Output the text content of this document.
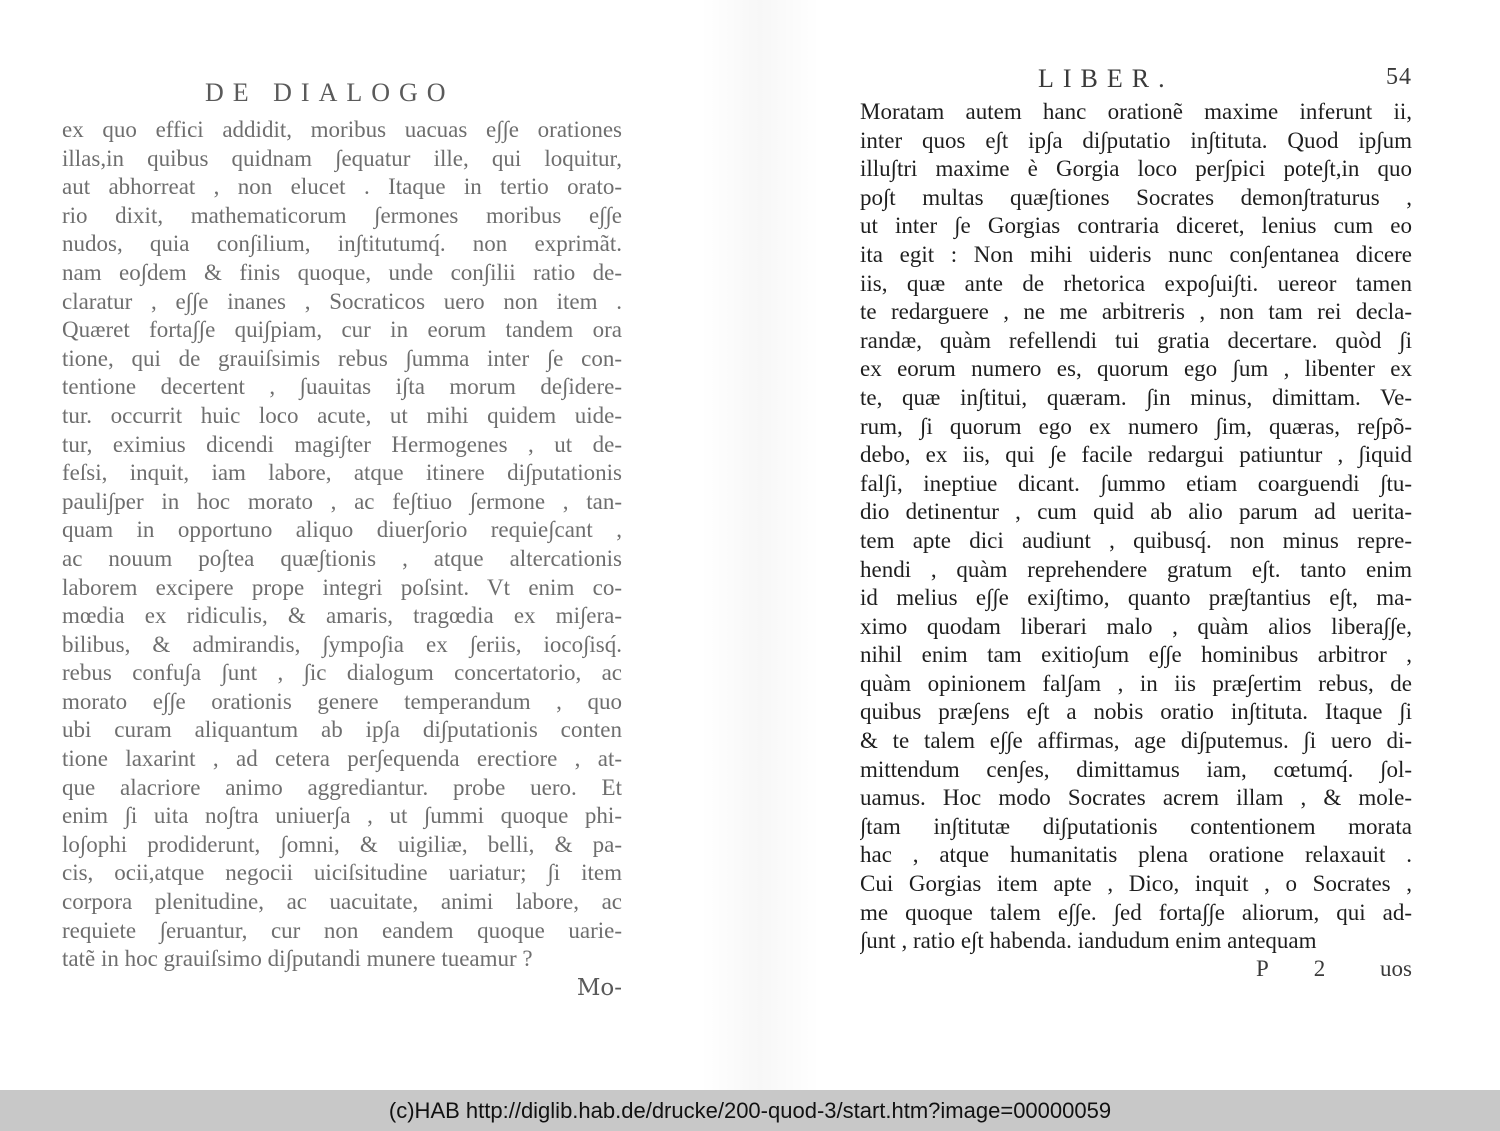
DE DIALOGO
ex quo effici addidit, moribus uacuas e∫∫e orationes
illas,in quibus quidnam ∫equatur ille, qui loquitur,
aut abhorreat , non elucet . Itaque in tertio orato-
rio dixit, mathematicorum ∫ermones moribus e∫∫e
nudos, quia con∫ilium, in∫titutumq́. non exprimãt.
nam eo∫dem & finis quoque, unde con∫ilii ratio de-
claratur , e∫∫e inanes , Socraticos uero non item .
Quæret forta∫∫e qui∫piam, cur in eorum tandem ora
tione, qui de grauiſsimis rebus ∫umma inter ∫e con-
tentione decertent , ∫uauitas i∫ta morum de∫idere-
tur. occurrit huic loco acute, ut mihi quidem uide-
tur, eximius dicendi magi∫ter Hermogenes , ut de-
feſsi, inquit, iam labore, atque itinere di∫putationis
pauli∫per in hoc morato , ac fe∫tiuo ∫ermone , tan-
quam in opportuno aliquo diuer∫orio requie∫cant ,
ac nouum po∫tea quæ∫tionis , atque altercationis
laborem excipere prope integri poſsint. Vt enim co-
mœdia ex ridiculis, & amaris, tragœdia ex mi∫era-
bilibus, & admirandis, ∫ympo∫ia ex ∫eriis, ioco∫isq́.
rebus confu∫a ∫unt , ∫ic dialogum concertatorio, ac
morato e∫∫e orationis genere temperandum , quo
ubi curam aliquantum ab ip∫a di∫putationis conten
tione laxarint , ad cetera per∫equenda erectiore , at-
que alacriore animo aggrediantur. probe uero. Et
enim ∫i uita no∫tra uniuer∫a , ut ∫ummi quoque phi-
lo∫ophi prodiderunt, ∫omni, & uigiliæ, belli, & pa-
cis, ocii,atque negocii uiciſsitudine uariatur; ∫i item
corpora plenitudine, ac uacuitate, animi labore, ac
requiete ∫eruantur, cur non eandem quoque uarie-
tatẽ in hoc grauiſsimo di∫putandi munere tueamur ?
Mo-
LIBER.	54
Moratam autem hanc orationẽ maxime inferunt ii,
inter quos e∫t ip∫a di∫putatio in∫tituta. Quod ip∫um
illu∫tri maxime è Gorgia loco per∫pici pote∫t,in quo
po∫t multas quæ∫tiones Socrates demon∫traturus ,
ut inter ∫e Gorgias contraria diceret, lenius cum eo
ita egit : Non mihi uideris nunc con∫entanea dicere
iis, quæ ante de rhetorica expo∫ui∫ti. uereor tamen
te redarguere , ne me arbitreris , non tam rei decla-
randæ, quàm refellendi tui gratia decertare. quòd ∫i
ex eorum numero es, quorum ego ∫um , libenter ex
te, quæ in∫titui, quæram. ∫in minus, dimittam. Ve-
rum, ∫i quorum ego ex numero ∫im, quæras, re∫põ-
debo, ex iis, qui ∫e facile redargui patiuntur , ∫iquid
fal∫i, ineptiue dicant. ∫ummo etiam coarguendi ∫tu-
dio detinentur , cum quid ab alio parum ad uerita-
tem apte dici audiunt , quibusq́. non minus repre-
hendi , quàm reprehendere gratum e∫t. tanto enim
id melius e∫∫e exi∫timo, quanto præ∫tantius e∫t, ma-
ximo quodam liberari malo , quàm alios libera∫∫e,
nihil enim tam exitio∫um e∫∫e hominibus arbitror ,
quàm opinionem fal∫am , in iis præ∫ertim rebus, de
quibus præ∫ens e∫t a nobis oratio in∫tituta. Itaque ∫i
& te talem e∫∫e affirmas, age di∫putemus. ∫i uero di-
mittendum cen∫es, dimittamus iam, cœtumq́. ∫ol-
uamus. Hoc modo Socrates acrem illam , & mole-
∫tam in∫titutæ di∫putationis contentionem morata
hac , atque humanitatis plena oratione relaxauit .
Cui Gorgias item apte , Dico, inquit , o Socrates ,
me quoque talem e∫∫e. ∫ed forta∫∫e aliorum, qui ad-
∫unt , ratio e∫t habenda. iandudum enim antequam
P 2 uos
(c)HAB http://diglib.hab.de/drucke/200-quod-3/start.htm?image=00000059
